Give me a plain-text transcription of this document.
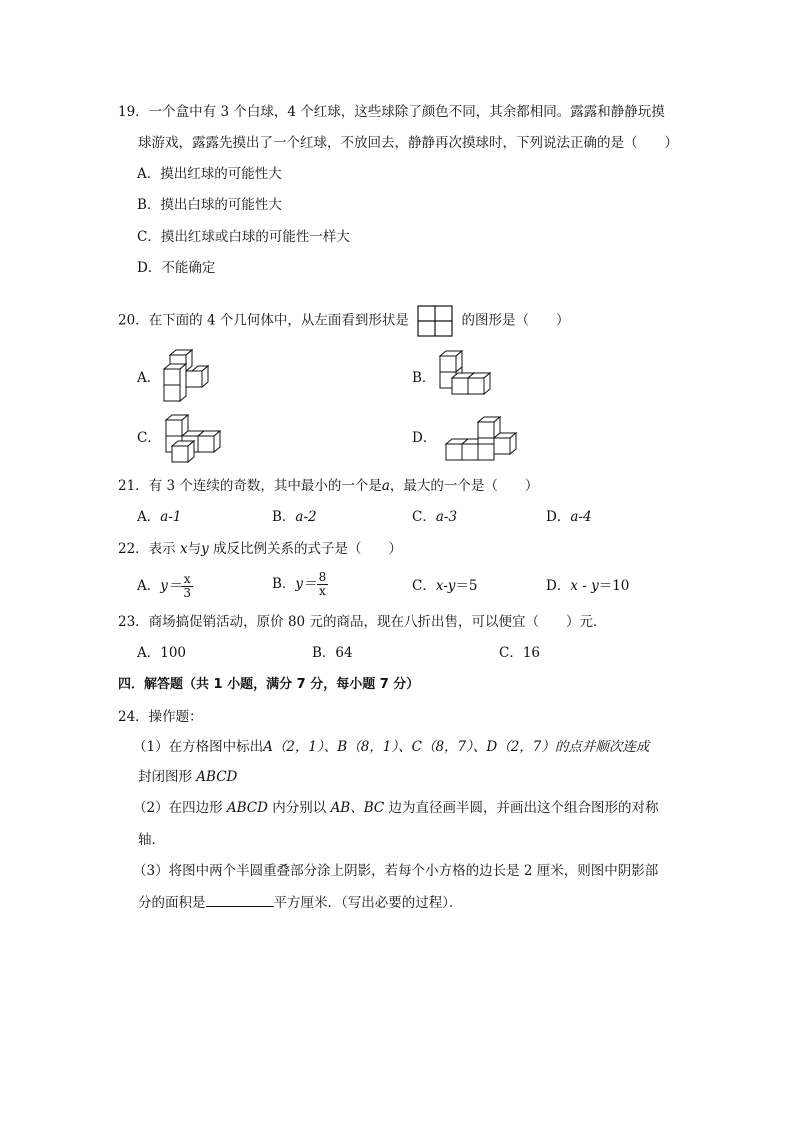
19．一个盒中有 3 个白球，4 个红球，这些球除了颜色不同，其余都相同。露露和静静玩摸
球游戏，露露先摸出了一个红球，不放回去，静静再次摸球时，下列说法正确的是（　　）
A．摸出红球的可能性大
B．摸出白球的可能性大
C．摸出红球或白球的可能性一样大
D．不能确定
20．在下面的 4 个几何体中，从左面看到形状是	的图形是（　　）
A．	B．
C．	D．
21．有 3 个连续的奇数，其中最小的一个是a，最大的一个是（　　）
A．a-1	B．a-2	C．a-3	D．a-4
22．表示 x与y 成反比例关系的式子是（　　）
A．$y= \frac{x}{3}$	B．$y= \frac{8}{x}$	C．x-y＝5	D．x - y＝10
23．商场搞促销活动，原价 80 元的商品，现在八折出售，可以便宜（　　）元．
A．100	B．64	C．16
四．解答题（共 1 小题，满分 7 分，每小题 7 分）
24．操作题：
（1）在方格图中标出A（2，1）、B（8，1）、C（8，7）、D（2，7）的点并顺次连成
封闭图形 ABCD
（2）在四边形 ABCD 内分别以 AB、BC 边为直径画半圆，并画出这个组合图形的对称
轴．
（3）将图中两个半圆重叠部分涂上阴影，若每个小方格的边长是 2 厘米，则图中阴影部
分的面积是	平方厘米．（写出必要的过程）．
